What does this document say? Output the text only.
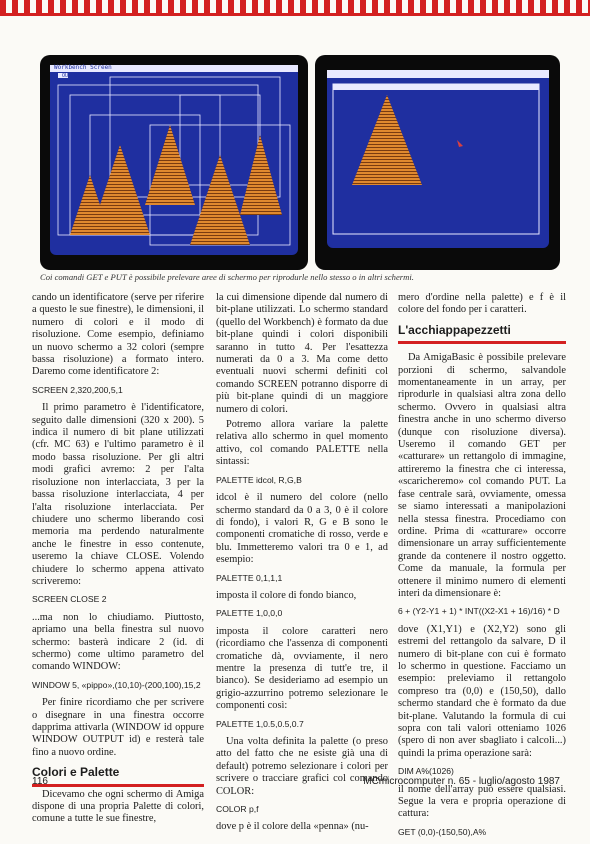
Workbench Screen
OUT 04
Coi comandi GET e PUT è possibile prelevare aree di schermo per riprodurle nello stesso o in altri schermi.

cando un identificatore (serve per riferire a questo le sue finestre), le dimensioni, il numero di colori e il modo di risoluzione. Come esempio, definiamo un nuovo schermo a 32 colori (sempre bassa risoluzione) a formato intero. Daremo come identificatore 2:

SCREEN 2,320,200,5,1

Il primo parametro è l'identificatore, seguito dalle dimensioni (320 x 200). 5 indica il numero di bit plane utilizzati (cfr. MC 63) e l'ultimo parametro è il modo bassa risoluzione. Per gli altri modi grafici avremo: 2 per l'alta risoluzione non interlacciata, 3 per la bassa risoluzione interlacciata, 4 per l'alta risoluzione interlacciata. Per chiudere uno schermo liberando così memoria ma perdendo naturalmente anche le finestre in esso contenute, useremo la chiave CLOSE. Volendo chiudere lo schermo appena attivato scriveremo:

SCREEN CLOSE 2

...ma non lo chiudiamo. Piuttosto, apriamo una bella finestra sul nuovo schermo: basterà indicare 2 (id. di schermo) come ultimo parametro del comando WINDOW:

WINDOW 5, «pippo»,(10,10)-(200,100),15,2

Per finire ricordiamo che per scrivere o disegnare in una finestra occorre dapprima attivarla (WINDOW id oppure WINDOW OUTPUT id) e resterà tale fino a nuovo ordine.

Colori e Palette

Dicevamo che ogni schermo di Amiga dispone di una propria Palette di colori, comune a tutte le sue finestre,

la cui dimensione dipende dal numero di bit-plane utilizzati. Lo schermo standard (quello del Workbench) è formato da due bit-plane quindi i colori disponibili saranno in tutto 4. Per l'esattezza numerati da 0 a 3. Ma come detto eventuali nuovi schermi definiti col comando SCREEN potranno disporre di più bit-plane quindi di un maggiore numero di colori.

Potremo allora variare la palette relativa allo schermo in quel momento attivo, col comando PALETTE nella sintassi:

PALETTE idcol, R,G,B

idcol è il numero del colore (nello schermo standard da 0 a 3, 0 è il colore di fondo), i valori R, G e B sono le componenti cromatiche di rosso, verde e blu. Immetteremo valori tra 0 e 1, ad esempio:

PALETTE 0,1,1,1

imposta il colore di fondo bianco,

PALETTE 1,0,0,0

imposta il colore caratteri nero (ricordiamo che l'assenza di componenti cromatiche dà, ovviamente, il nero mentre la presenza di tutt'e tre, il bianco). Se desideriamo ad esempio un grigio-azzurrino potremo selezionare le componenti così:

PALETTE 1,0.5,0.5,0.7

Una volta definita la palette (o preso atto del fatto che ne esiste già una di default) potremo selezionare i colori per scrivere o tracciare grafici col comando COLOR:

COLOR p,f

dove p è il colore della «penna» (nu-

mero d'ordine nella palette) e f è il colore del fondo per i caratteri.

L'acchiappapezzetti

Da AmigaBasic è possibile prelevare porzioni di schermo, salvandole momentaneamente in un array, per riprodurle in qualsiasi altra zona dello schermo. Ovvero in qualsiasi altra finestra anche in uno schermo diverso (dunque con risoluzione diversa). Useremo il comando GET per «catturare» un rettangolo di immagine, attireremo la finestra che ci interessa, «scaricheremo» col comando PUT. La fase centrale sarà, ovviamente, omessa se siamo interessati a manipolazioni nella stessa finestra. Procediamo con ordine. Prima di «catturare» occorre dimensionare un array sufficientemente grande da contenere il nostro oggetto. Come da manuale, la formula per ottenere il minimo numero di elementi interi da dimensionare è:

6 + (Y2-Y1 + 1) * INT((X2-X1 + 16)/16) * D

dove (X1,Y1) e (X2,Y2) sono gli estremi del rettangolo da salvare, D il numero di bit-plane con cui è formato lo schermo in questione. Facciamo un esempio: preleviamo il rettangolo compreso tra (0,0) e (150,50), dallo schermo standard che è formato da due bit-plane. Valutando la formula di cui sopra con tali valori otteniamo 1026 (spero di non aver sbagliato i calcoli...) quindi la prima operazione sarà:

DIM A%(1026)

il nome dell'array può essere qualsiasi. Segue la vera e propria operazione di cattura:

GET (0,0)-(150,50),A%
116	MCmicrocomputer n. 65 - luglio/agosto 1987
